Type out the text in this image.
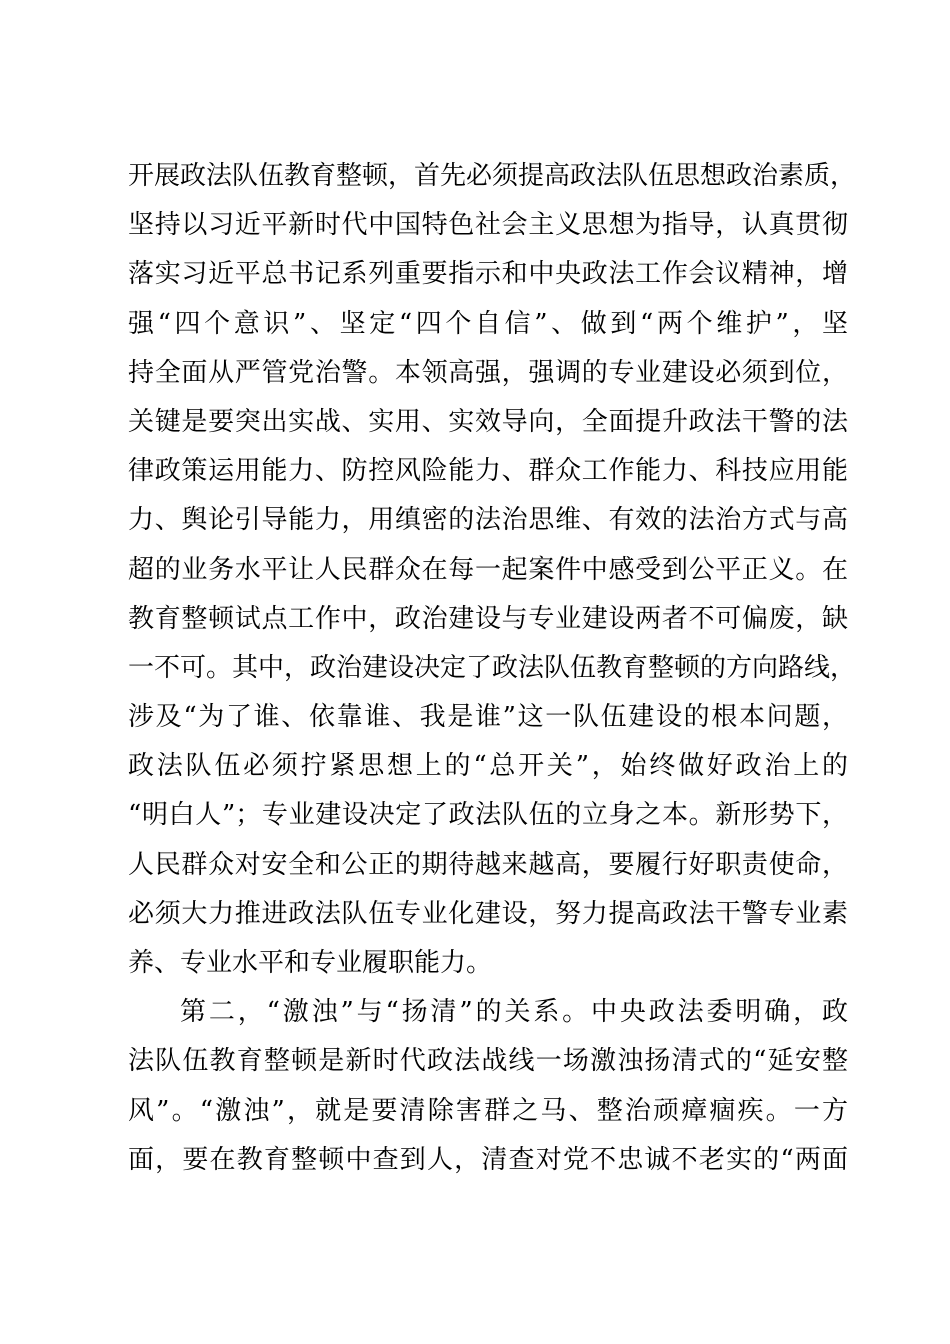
开展政法队伍教育整顿，首先必须提高政法队伍思想政治素质，
坚持以习近平新时代中国特色社会主义思想为指导，认真贯彻
落实习近平总书记系列重要指示和中央政法工作会议精神，增
强“四个意识”、坚定“四个自信”、做到“两个维护”，坚
持全面从严管党治警。本领高强，强调的专业建设必须到位，
关键是要突出实战、实用、实效导向，全面提升政法干警的法
律政策运用能力、防控风险能力、群众工作能力、科技应用能
力、舆论引导能力，用缜密的法治思维、有效的法治方式与高
超的业务水平让人民群众在每一起案件中感受到公平正义。在
教育整顿试点工作中，政治建设与专业建设两者不可偏废，缺
一不可。其中，政治建设决定了政法队伍教育整顿的方向路线，
涉及“为了谁、依靠谁、我是谁”这一队伍建设的根本问题，
政法队伍必须拧紧思想上的“总开关”，始终做好政治上的
“明白人”；专业建设决定了政法队伍的立身之本。新形势下，
人民群众对安全和公正的期待越来越高，要履行好职责使命，
必须大力推进政法队伍专业化建设，努力提高政法干警专业素
养、专业水平和专业履职能力。
第二，“激浊”与“扬清”的关系。中央政法委明确，政
法队伍教育整顿是新时代政法战线一场激浊扬清式的“延安整
风”。“激浊”，就是要清除害群之马、整治顽瘴痼疾。一方
面，要在教育整顿中查到人，清查对党不忠诚不老实的“两面
